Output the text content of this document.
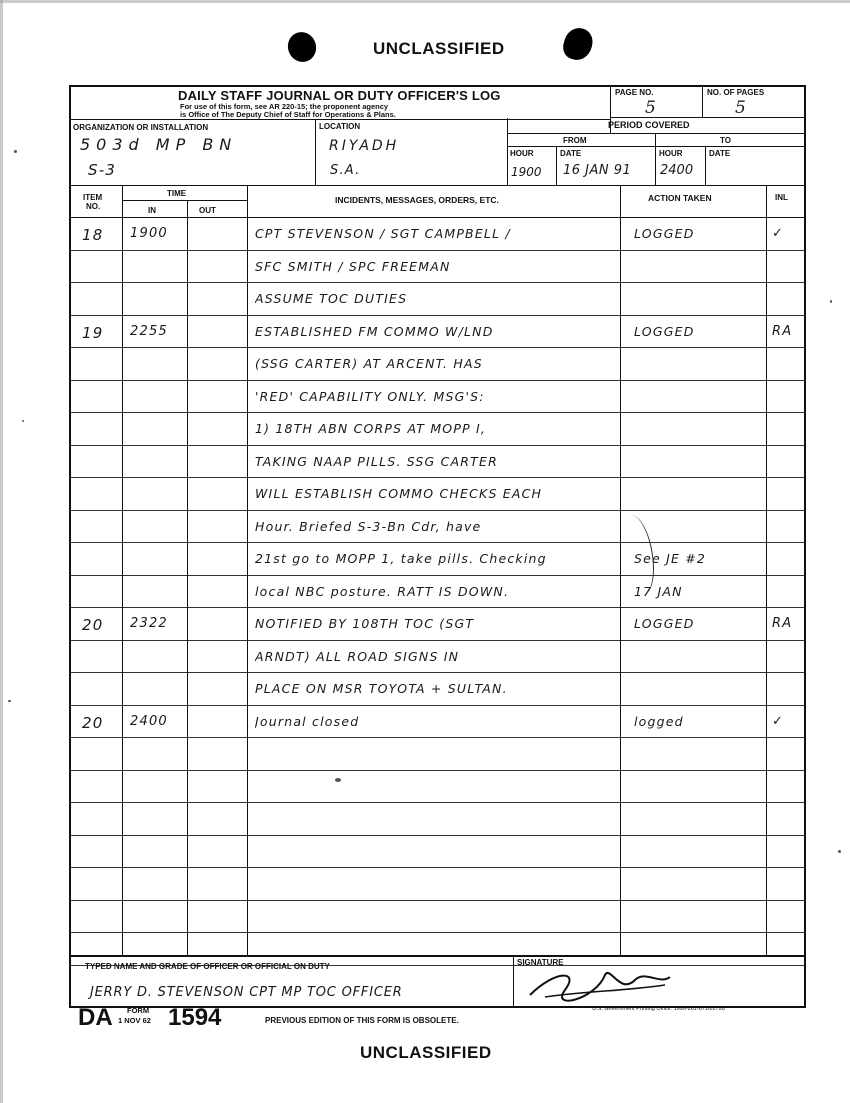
UNCLASSIFIED
UNCLASSIFIED
DAILY STAFF JOURNAL OR DUTY OFFICER'S LOG
For use of this form, see AR 220-15; the proponent agency
is Office of The Deputy Chief of Staff for Operations & Plans.
PAGE NO.
5
NO. OF PAGES
5
ORGANIZATION OR INSTALLATION	LOCATION
503d MP BN
S-3
RIYADH
S.A.
PERIOD COVERED
FROM	TO
HOUR	DATE	HOUR	DATE
1900 16 JAN 91 2400
ITEM
NO.
TIME
IN	OUT
INCIDENTS, MESSAGES, ORDERS, ETC.	ACTION TAKEN	INL
18 1900	CPT STEVENSON / SGT CAMPBELL /	LOGGED	✓
SFC SMITH / SPC FREEMAN
ASSUME TOC DUTIES
19 2255	ESTABLISHED FM COMMO W/LND	LOGGED	RA
(SSG CARTER) AT ARCENT. HAS
'RED' CAPABILITY ONLY. MSG'S:
1) 18TH ABN CORPS AT MOPP I,
TAKING NAAP PILLS. SSG CARTER
WILL ESTABLISH COMMO CHECKS EACH
Hour. Briefed S-3-Bn Cdr, have
21st go to MOPP 1, take pills. Checking	See JE #2
local NBC posture. RATT IS DOWN.	17 JAN
20 2322	NOTIFIED BY 108TH TOC (SGT	LOGGED	RA
ARNDT) ALL ROAD SIGNS IN
PLACE ON MSR TOYOTA + SULTAN.
20 2400	Journal closed	logged	✓
TYPED NAME AND GRADE OF OFFICER OR OFFICIAL ON DUTY	SIGNATURE
JERRY D. STEVENSON CPT MP TOC OFFICER
DA FORM
1 NOV 62 1594	PREVIOUS EDITION OF THIS FORM IS OBSOLETE.
*U.S. Government Printing Office: 1990-261-871/02728
